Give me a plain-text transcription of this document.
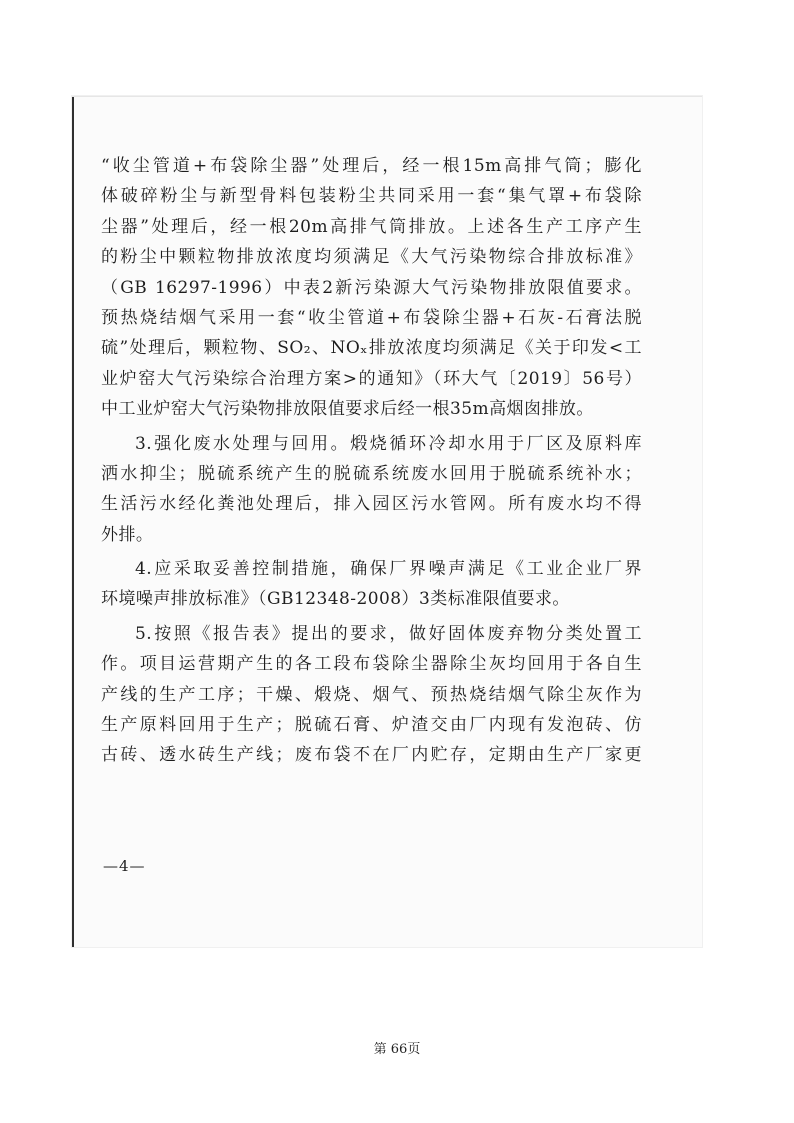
“收尘管道+布袋除尘器”处理后，经一根15m高排气筒；膨化
体破碎粉尘与新型骨料包装粉尘共同采用一套“集气罩+布袋除
尘器”处理后，经一根20m高排气筒排放。上述各生产工序产生
的粉尘中颗粒物排放浓度均须满足《大气污染物综合排放标准》
（GB 16297-1996）中表2新污染源大气污染物排放限值要求。
预热烧结烟气采用一套“收尘管道+布袋除尘器+石灰-石膏法脱
硫”处理后，颗粒物、SO₂、NOₓ排放浓度均须满足《关于印发<工
业炉窑大气污染综合治理方案>的通知》（环大气〔2019〕56号）
中工业炉窑大气污染物排放限值要求后经一根35m高烟囱排放。
3.强化废水处理与回用。煅烧循环冷却水用于厂区及原料库
洒水抑尘；脱硫系统产生的脱硫系统废水回用于脱硫系统补水；
生活污水经化粪池处理后，排入园区污水管网。所有废水均不得
外排。
4.应采取妥善控制措施，确保厂界噪声满足《工业企业厂界
环境噪声排放标准》（GB12348-2008）3类标准限值要求。
5.按照《报告表》提出的要求，做好固体废弃物分类处置工
作。项目运营期产生的各工段布袋除尘器除尘灰均回用于各自生
产线的生产工序；干燥、煅烧、烟气、预热烧结烟气除尘灰作为
生产原料回用于生产；脱硫石膏、炉渣交由厂内现有发泡砖、仿
古砖、透水砖生产线；废布袋不在厂内贮存，定期由生产厂家更
—4—
第 66页
